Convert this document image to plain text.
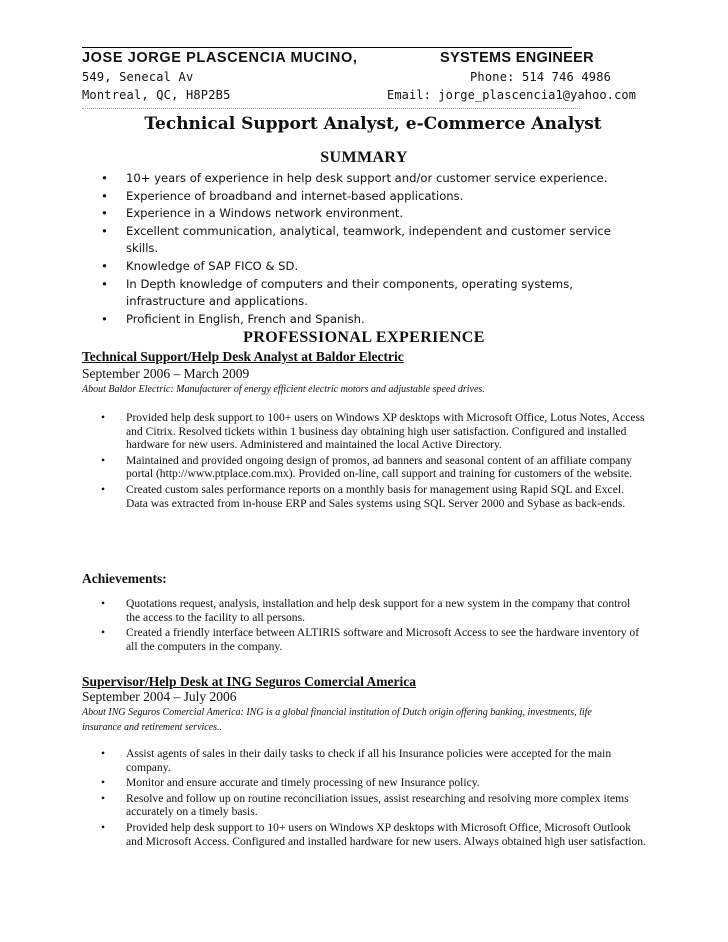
JOSE JORGE PLASCENCIA MUCINO,	SYSTEMS ENGINEER
549, Senecal Av	Phone: 514 746 4986
Montreal, QC, H8P2B5	Email: jorge_plascencia1@yahoo.com
Technical Support Analyst, e-Commerce Analyst
SUMMARY
• 10+ years of experience in help desk support and/or customer service experience.
• Experience of broadband and internet-based applications.
• Experience in a Windows network environment.
• Excellent communication, analytical, teamwork, independent and customer service skills.
• Knowledge of SAP FICO & SD.
• In Depth knowledge of computers and their components, operating systems, infrastructure and applications.
• Proficient in English, French and Spanish.
PROFESSIONAL EXPERIENCE
Technical Support/Help Desk Analyst at Baldor Electric
September 2006 – March 2009
About Baldor Electric: Manufacturer of energy efficient electric motors and adjustable speed drives.
• Provided help desk support to 100+ users on Windows XP desktops with Microsoft Office, Lotus Notes, Access and Citrix. Resolved tickets within 1 business day obtaining high user satisfaction. Configured and installed hardware for new users. Administered and maintained the local Active Directory.
• Maintained and provided ongoing design of promos, ad banners and seasonal content of an affiliate company portal (http://www.ptplace.com.mx). Provided on-line, call support and training for customers of the website.
• Created custom sales performance reports on a monthly basis for management using Rapid SQL and Excel. Data was extracted from in-house ERP and Sales systems using SQL Server 2000 and Sybase as back-ends.
Achievements:
• Quotations request, analysis, installation and help desk support for a new system in the company that control the access to the facility to all persons.
• Created a friendly interface between ALTIRIS software and Microsoft Access to see the hardware inventory of all the computers in the company.
Supervisor/Help Desk at ING Seguros Comercial America
September 2004 – July 2006
About ING Seguros Comercial America: ING is a global financial institution of Dutch origin offering banking, investments, life insurance and retirement services..
• Assist agents of sales in their daily tasks to check if all his Insurance policies were accepted for the main company.
• Monitor and ensure accurate and timely processing of new Insurance policy.
• Resolve and follow up on routine reconciliation issues, assist researching and resolving more complex items accurately on a timely basis.
• Provided help desk support to 10+ users on Windows XP desktops with Microsoft Office, Microsoft Outlook and Microsoft Access. Configured and installed hardware for new users. Always obtained high user satisfaction.
